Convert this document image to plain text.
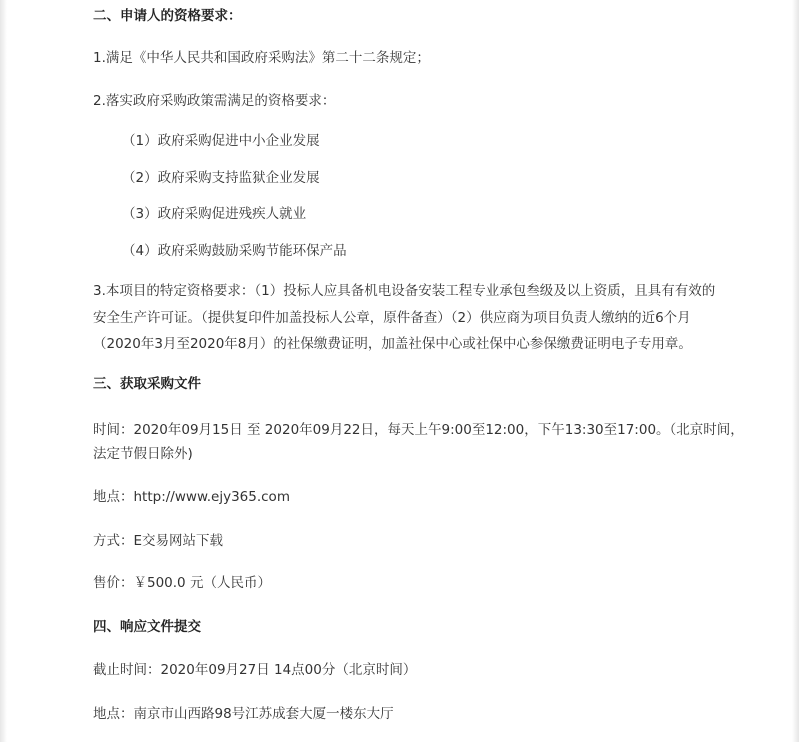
二、申请人的资格要求：
1.满足《中华人民共和国政府采购法》第二十二条规定；
2.落实政府采购政策需满足的资格要求：
（1）政府采购促进中小企业发展
（2）政府采购支持监狱企业发展
（3）政府采购促进残疾人就业
（4）政府采购鼓励采购节能环保产品
3.本项目的特定资格要求：（1）投标人应具备机电设备安装工程专业承包叁级及以上资质，且具有有效的
安全生产许可证。（提供复印件加盖投标人公章，原件备查）（2）供应商为项目负责人缴纳的近6个月
（2020年3月至2020年8月）的社保缴费证明，加盖社保中心或社保中心参保缴费证明电子专用章。
三、获取采购文件
时间：2020年09月15日 至 2020年09月22日，每天上午9:00至12:00，下午13:30至17:00。（北京时间，
法定节假日除外)
地点：http://www.ejy365.com
方式：E交易网站下载
售价：￥500.0 元（人民币）
四、响应文件提交
截止时间：2020年09月27日 14点00分（北京时间）
地点：南京市山西路98号江苏成套大厦一楼东大厅
